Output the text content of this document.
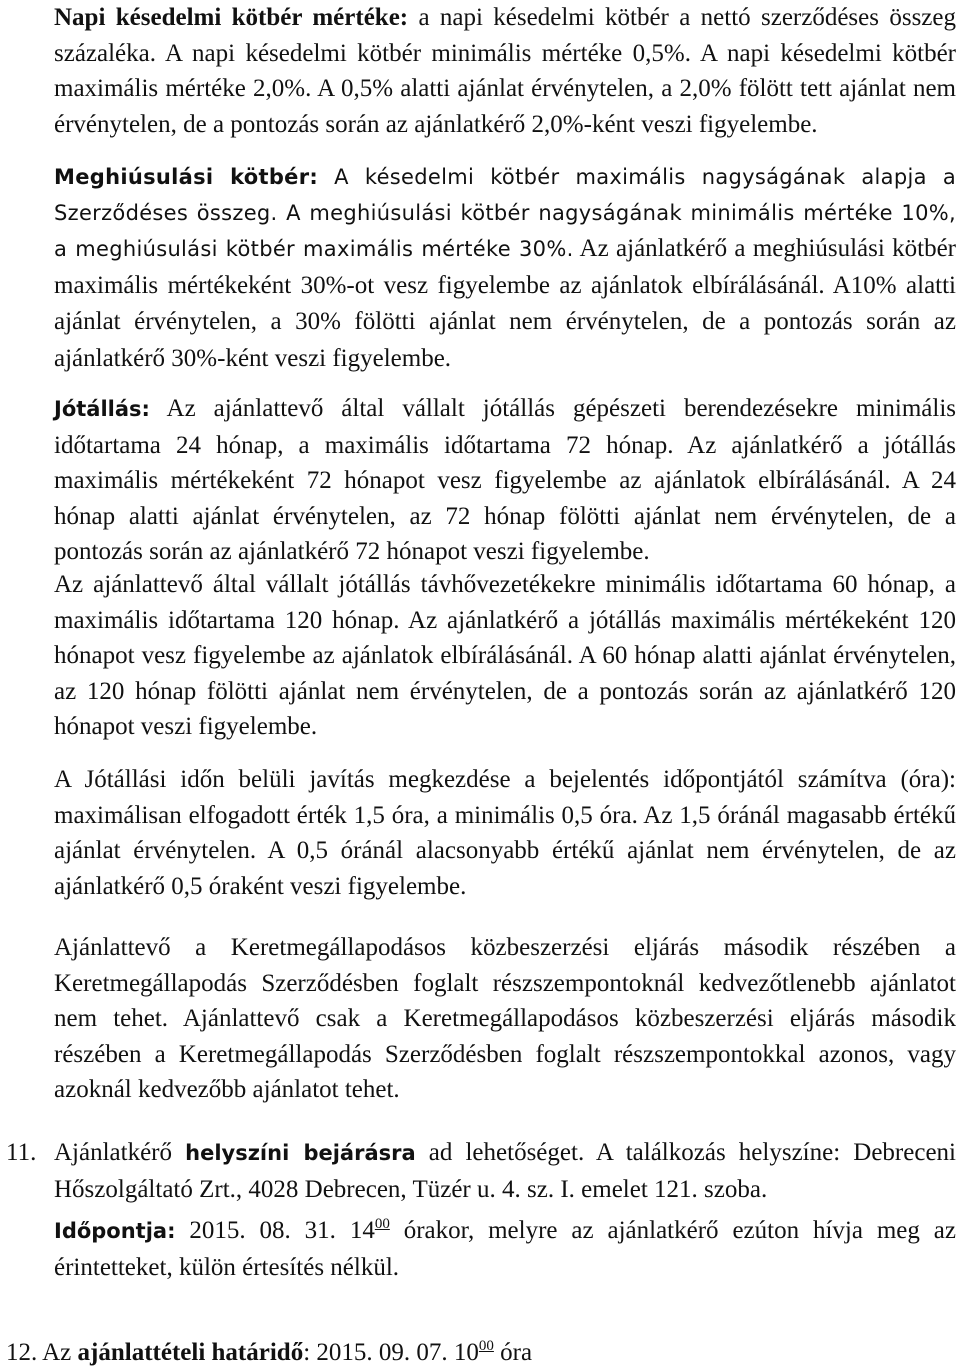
Napi késedelmi kötbér mértéke: a napi késedelmi kötbér a nettó szerződéses összeg százaléka. A napi késedelmi kötbér minimális mértéke 0,5%. A napi késedelmi kötbér maximális mértéke 2,0%. A 0,5% alatti ajánlat érvénytelen, a 2,0% fölött tett ajánlat nem érvénytelen, de a pontozás során az ajánlatkérő 2,0%-ként veszi figyelembe.

Meghiúsulási kötbér: A késedelmi kötbér maximális nagyságának alapja a Szerződéses összeg. A meghiúsulási kötbér nagyságának minimális mértéke 10%, a meghiúsulási kötbér maximális mértéke 30%. Az ajánlatkérő a meghiúsulási kötbér maximális mértékeként 30%-ot vesz figyelembe az ajánlatok elbírálásánál. A10% alatti ajánlat érvénytelen, a 30% fölötti ajánlat nem érvénytelen, de a pontozás során az ajánlatkérő 30%-ként veszi figyelembe.

Jótállás: Az ajánlattevő által vállalt jótállás gépészeti berendezésekre minimális időtartama 24 hónap, a maximális időtartama 72 hónap. Az ajánlatkérő a jótállás maximális mértékeként 72 hónapot vesz figyelembe az ajánlatok elbírálásánál. A 24 hónap alatti ajánlat érvénytelen, az 72 hónap fölötti ajánlat nem érvénytelen, de a pontozás során az ajánlatkérő 72 hónapot veszi figyelembe.

Az ajánlattevő által vállalt jótállás távhővezetékekre minimális időtartama 60 hónap, a maximális időtartama 120 hónap. Az ajánlatkérő a jótállás maximális mértékeként 120 hónapot vesz figyelembe az ajánlatok elbírálásánál. A 60 hónap alatti ajánlat érvénytelen, az 120 hónap fölötti ajánlat nem érvénytelen, de a pontozás során az ajánlatkérő 120 hónapot veszi figyelembe.

A Jótállási időn belüli javítás megkezdése a bejelentés időpontjától számítva (óra): maximálisan elfogadott érték 1,5 óra, a minimális 0,5 óra. Az 1,5 óránál magasabb értékű ajánlat érvénytelen. A 0,5 óránál alacsonyabb értékű ajánlat nem érvénytelen, de az ajánlatkérő 0,5 óraként veszi figyelembe.

Ajánlattevő a Keretmegállapodásos közbeszerzési eljárás második részében a Keretmegállapodás Szerződésben foglalt részszempontoknál kedvezőtlenebb ajánlatot nem tehet. Ajánlattevő csak a Keretmegállapodásos közbeszerzési eljárás második részében a Keretmegállapodás Szerződésben foglalt részszempontokkal azonos, vagy azoknál kedvezőbb ajánlatot tehet.

11. Ajánlatkérő helyszíni bejárásra ad lehetőséget. A találkozás helyszíne: Debreceni Hőszolgáltató Zrt., 4028 Debrecen, Tüzér u. 4. sz. I. emelet 121. szoba.

Időpontja: 2015. 08. 31. $14^{00}$ órakor, melyre az ajánlatkérő ezúton hívja meg az érintetteket, külön értesítés nélkül.

12. Az ajánlattételi határidő: 2015. 09. 07. $10^{00}$ óra
